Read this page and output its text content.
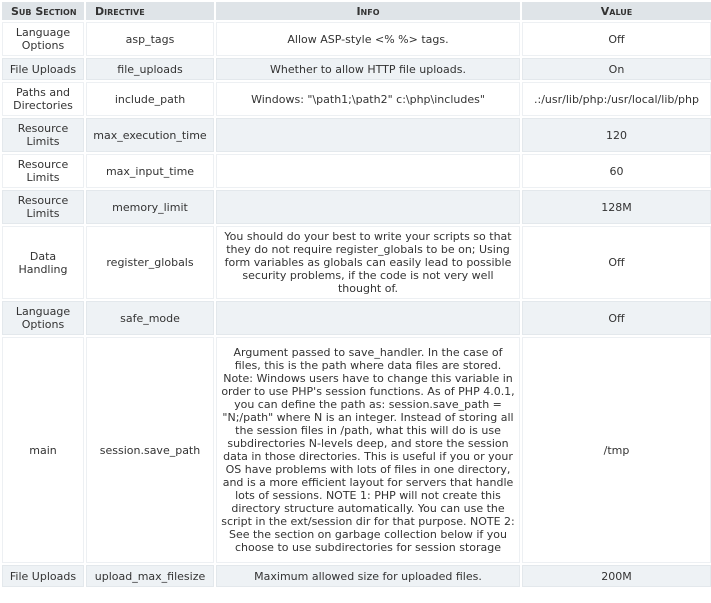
Sub Section	Directive	Info	Value
Language Options	asp_tags	Allow ASP-style <% %> tags.	Off
File Uploads	file_uploads	Whether to allow HTTP file uploads.	On
Paths and Directories	include_path	Windows: "\path1;\path2" c:\php\includes"	.:/usr/lib/php:/usr/local/lib/php
Resource Limits	max_execution_time		120
Resource Limits	max_input_time		60
Resource Limits	memory_limit		128M
Data Handling	register_globals	You should do your best to write your scripts so that they do not require register_globals to be on; Using form variables as globals can easily lead to possible security problems, if the code is not very well thought of.	Off
Language Options	safe_mode		Off
main	session.save_path	Argument passed to save_handler. In the case of files, this is the path where data files are stored. Note: Windows users have to change this variable in order to use PHP's session functions. As of PHP 4.0.1, you can define the path as: session.save_path = "N;/path" where N is an integer. Instead of storing all the session files in /path, what this will do is use subdirectories N-levels deep, and store the session data in those directories. This is useful if you or your OS have problems with lots of files in one directory, and is a more efficient layout for servers that handle lots of sessions. NOTE 1: PHP will not create this directory structure automatically. You can use the script in the ext/session dir for that purpose. NOTE 2: See the section on garbage collection below if you choose to use subdirectories for session storage	/tmp
File Uploads	upload_max_filesize	Maximum allowed size for uploaded files.	200M
